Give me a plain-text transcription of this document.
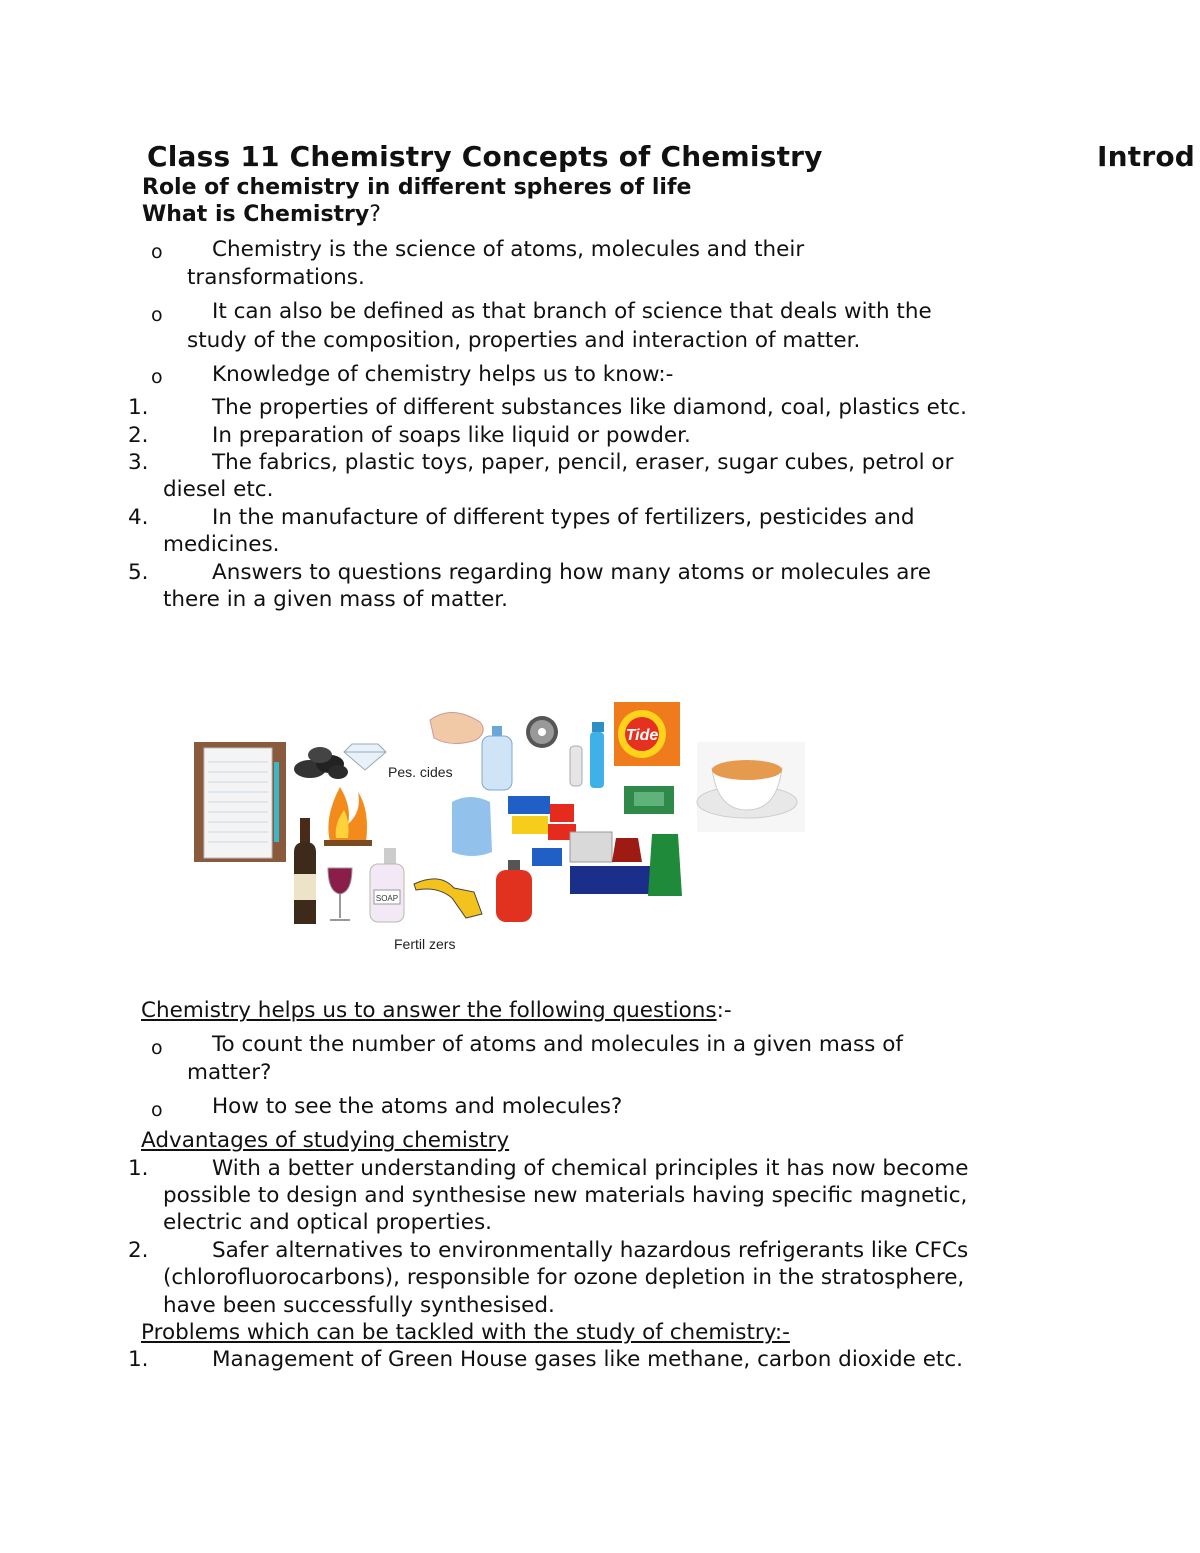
Class 11 Chemistry Concepts of Chemistry	Introd
Role of chemistry in different spheres of life
What is Chemistry?
o Chemistry is the science of atoms, molecules and their
transformations.
o It can also be defined as that branch of science that deals with the
study of the composition, properties and interaction of matter.
o Knowledge of chemistry helps us to know:-
1.	The properties of different substances like diamond, coal, plastics etc.
2.	In preparation of soaps like liquid or powder.
3.	The fabrics, plastic toys, paper, pencil, eraser, sugar cubes, petrol or
diesel etc.
4.	In the manufacture of different types of fertilizers, pesticides and
medicines.
5.	Answers to questions regarding how many atoms or molecules are
there in a given mass of matter.
Tide
SOAP
Pes. cides
Fertil zers
Chemistry helps us to answer the following questions:-
o To count the number of atoms and molecules in a given mass of
matter?
o How to see the atoms and molecules?
Advantages of studying chemistry
1.	With a better understanding of chemical principles it has now become
possible to design and synthesise new materials having specific magnetic,
electric and optical properties.
2.	Safer alternatives to environmentally hazardous refrigerants like CFCs
(chlorofluorocarbons), responsible for ozone depletion in the stratosphere,
have been successfully synthesised.
Problems which can be tackled with the study of chemistry:-
1.	Management of Green House gases like methane, carbon dioxide etc.
